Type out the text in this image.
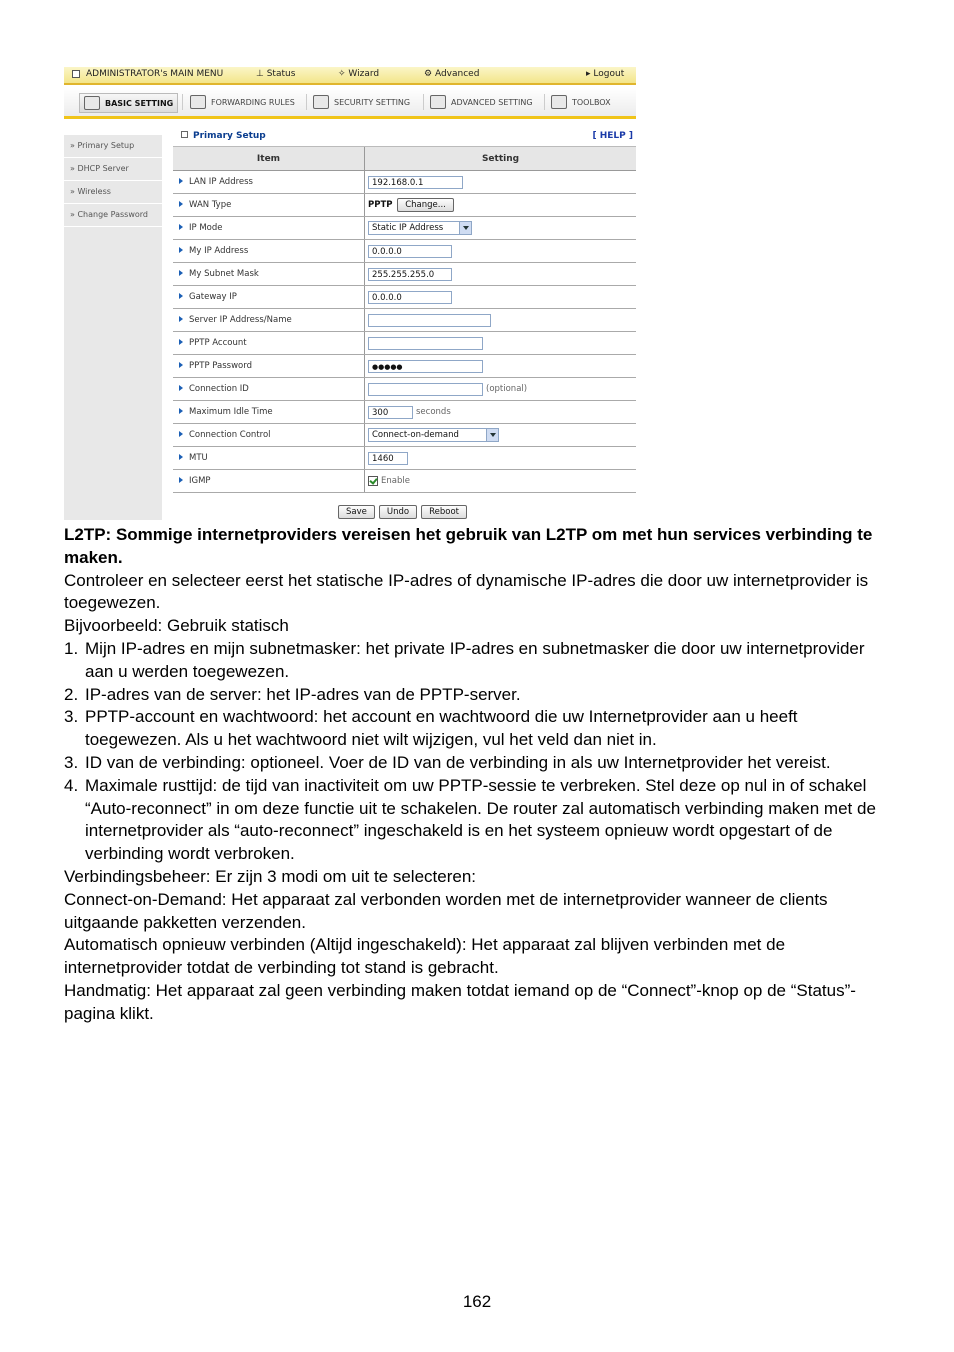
ADMINISTRATOR's MAIN MENU	⊥ Status	✧ Wizard	⚙ Advanced	▸ Logout
BASIC SETTING	FORWARDING RULES	SECURITY SETTING	ADVANCED SETTING	TOOLBOX
» Primary Setup
» DHCP Server
» Wireless
» Change Password
Primary Setup	[ HELP ]
Item	Setting
LAN IP Address	192.168.0.1
WAN Type	PPTP Change...
IP Mode	Static IP Address

My IP Address	0.0.0.0
My Subnet Mask	255.255.255.0
Gateway IP	0.0.0.0
Server IP Address/Name	
PPTP Account	
PPTP Password	●●●●●
Connection ID	(optional)
Maximum Idle Time	300 seconds
Connection Control	Connect-on-demand

MTU	1460
IGMP	Enable
Save Undo Reboot

L2TP: Sommige internetproviders vereisen het gebruik van L2TP om met hun services verbinding te maken.

Controleer en selecteer eerst het statische IP-adres of dynamische IP-adres die door uw internetprovider is toegewezen.

Bijvoorbeeld: Gebruik statisch

1. Mijn IP-adres en mijn subnetmasker: het private IP-adres en subnetmasker die door uw internetprovider aan u werden toegewezen.
2. IP-adres van de server: het IP-adres van de PPTP-server.
3. PPTP-account en wachtwoord: het account en wachtwoord die uw Internetprovider aan u heeft toegewezen. Als u het wachtwoord niet wilt wijzigen, vul het veld dan niet in.
3. ID van de verbinding: optioneel. Voer de ID van de verbinding in als uw Internetprovider het vereist.
4. Maximale rusttijd: de tijd van inactiviteit om uw PPTP-sessie te verbreken. Stel deze op nul in of schakel “Auto-reconnect” in om deze functie uit te schakelen. De router zal automatisch verbinding maken met de internetprovider als “auto-reconnect” ingeschakeld is en het systeem opnieuw wordt opgestart of de verbinding wordt verbroken.

Verbindingsbeheer: Er zijn 3 modi om uit te selecteren:

Connect-on-Demand: Het apparaat zal verbonden worden met de internetprovider wanneer de clients uitgaande pakketten verzenden.

Automatisch opnieuw verbinden (Altijd ingeschakeld): Het apparaat zal blijven verbinden met de internetprovider totdat de verbinding tot stand is gebracht.

Handmatig: Het apparaat zal geen verbinding maken totdat iemand op de “Connect”-knop op de “Status”-pagina klikt.

162
